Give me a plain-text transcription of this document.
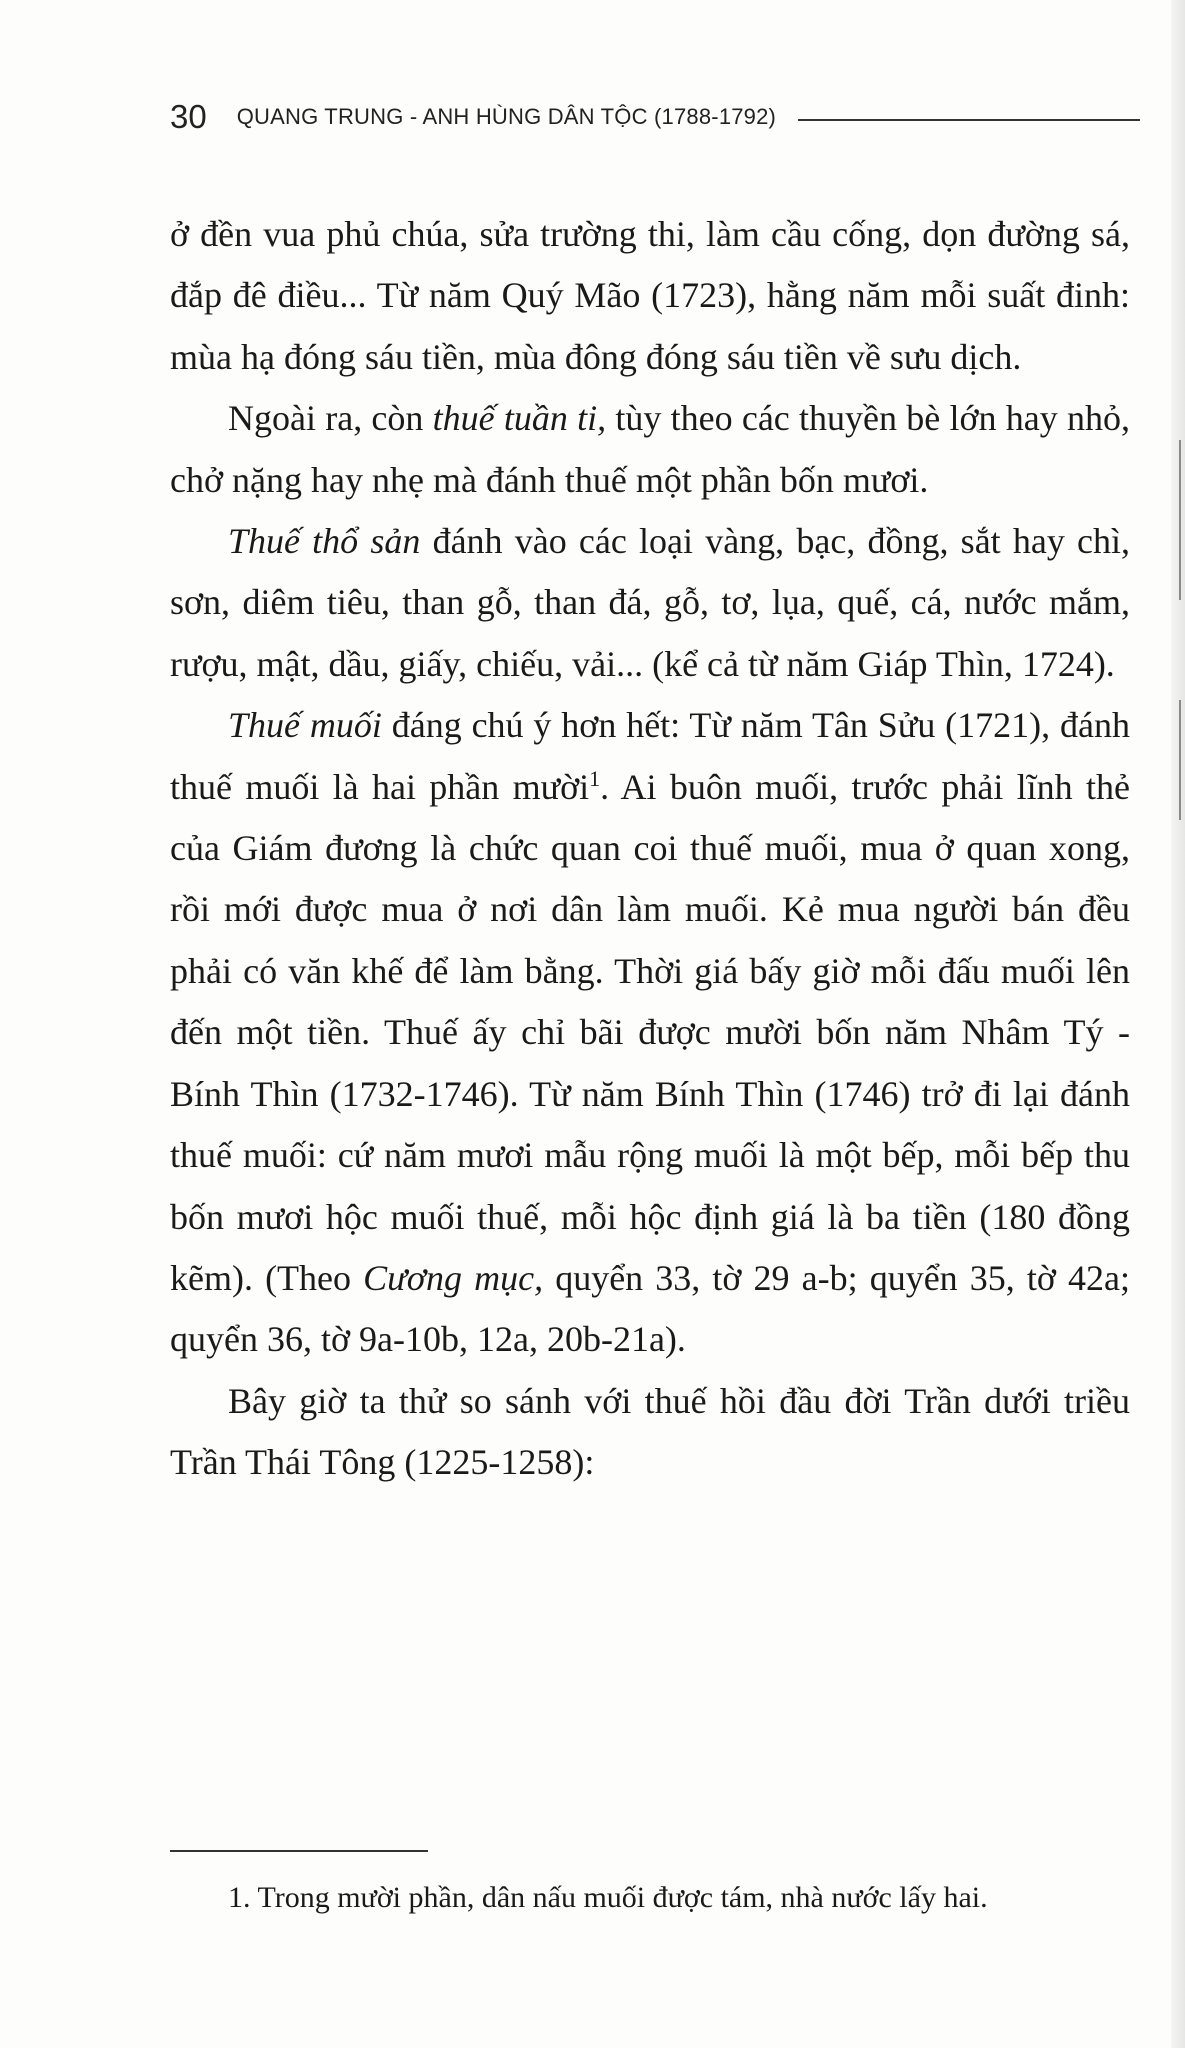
30 QUANG TRUNG - ANH HÙNG DÂN TỘC (1788-1792)

ở đền vua phủ chúa, sửa trường thi, làm cầu cống, dọn đường sá, đắp đê điều... Từ năm Quý Mão (1723), hằng năm mỗi suất đinh: mùa hạ đóng sáu tiền, mùa đông đóng sáu tiền về sưu dịch.

Ngoài ra, còn thuế tuần ti, tùy theo các thuyền bè lớn hay nhỏ, chở nặng hay nhẹ mà đánh thuế một phần bốn mươi.

Thuế thổ sản đánh vào các loại vàng, bạc, đồng, sắt hay chì, sơn, diêm tiêu, than gỗ, than đá, gỗ, tơ, lụa, quế, cá, nước mắm, rượu, mật, dầu, giấy, chiếu, vải... (kể cả từ năm Giáp Thìn, 1724).

Thuế muối đáng chú ý hơn hết: Từ năm Tân Sửu (1721), đánh thuế muối là hai phần mười$^1$. Ai buôn muối, trước phải lĩnh thẻ của Giám đương là chức quan coi thuế muối, mua ở quan xong, rồi mới được mua ở nơi dân làm muối. Kẻ mua người bán đều phải có văn khế để làm bằng. Thời giá bấy giờ mỗi đấu muối lên đến một tiền. Thuế ấy chỉ bãi được mười bốn năm Nhâm Tý - Bính Thìn (1732-1746). Từ năm Bính Thìn (1746) trở đi lại đánh thuế muối: cứ năm mươi mẫu rộng muối là một bếp, mỗi bếp thu bốn mươi hộc muối thuế, mỗi hộc định giá là ba tiền (180 đồng kẽm). (Theo Cương mục, quyển 33, tờ 29 a-b; quyển 35, tờ 42a; quyển 36, tờ 9a-10b, 12a, 20b-21a).

Bây giờ ta thử so sánh với thuế hồi đầu đời Trần dưới triều Trần Thái Tông (1225-1258):

1. Trong mười phần, dân nấu muối được tám, nhà nước lấy hai.
